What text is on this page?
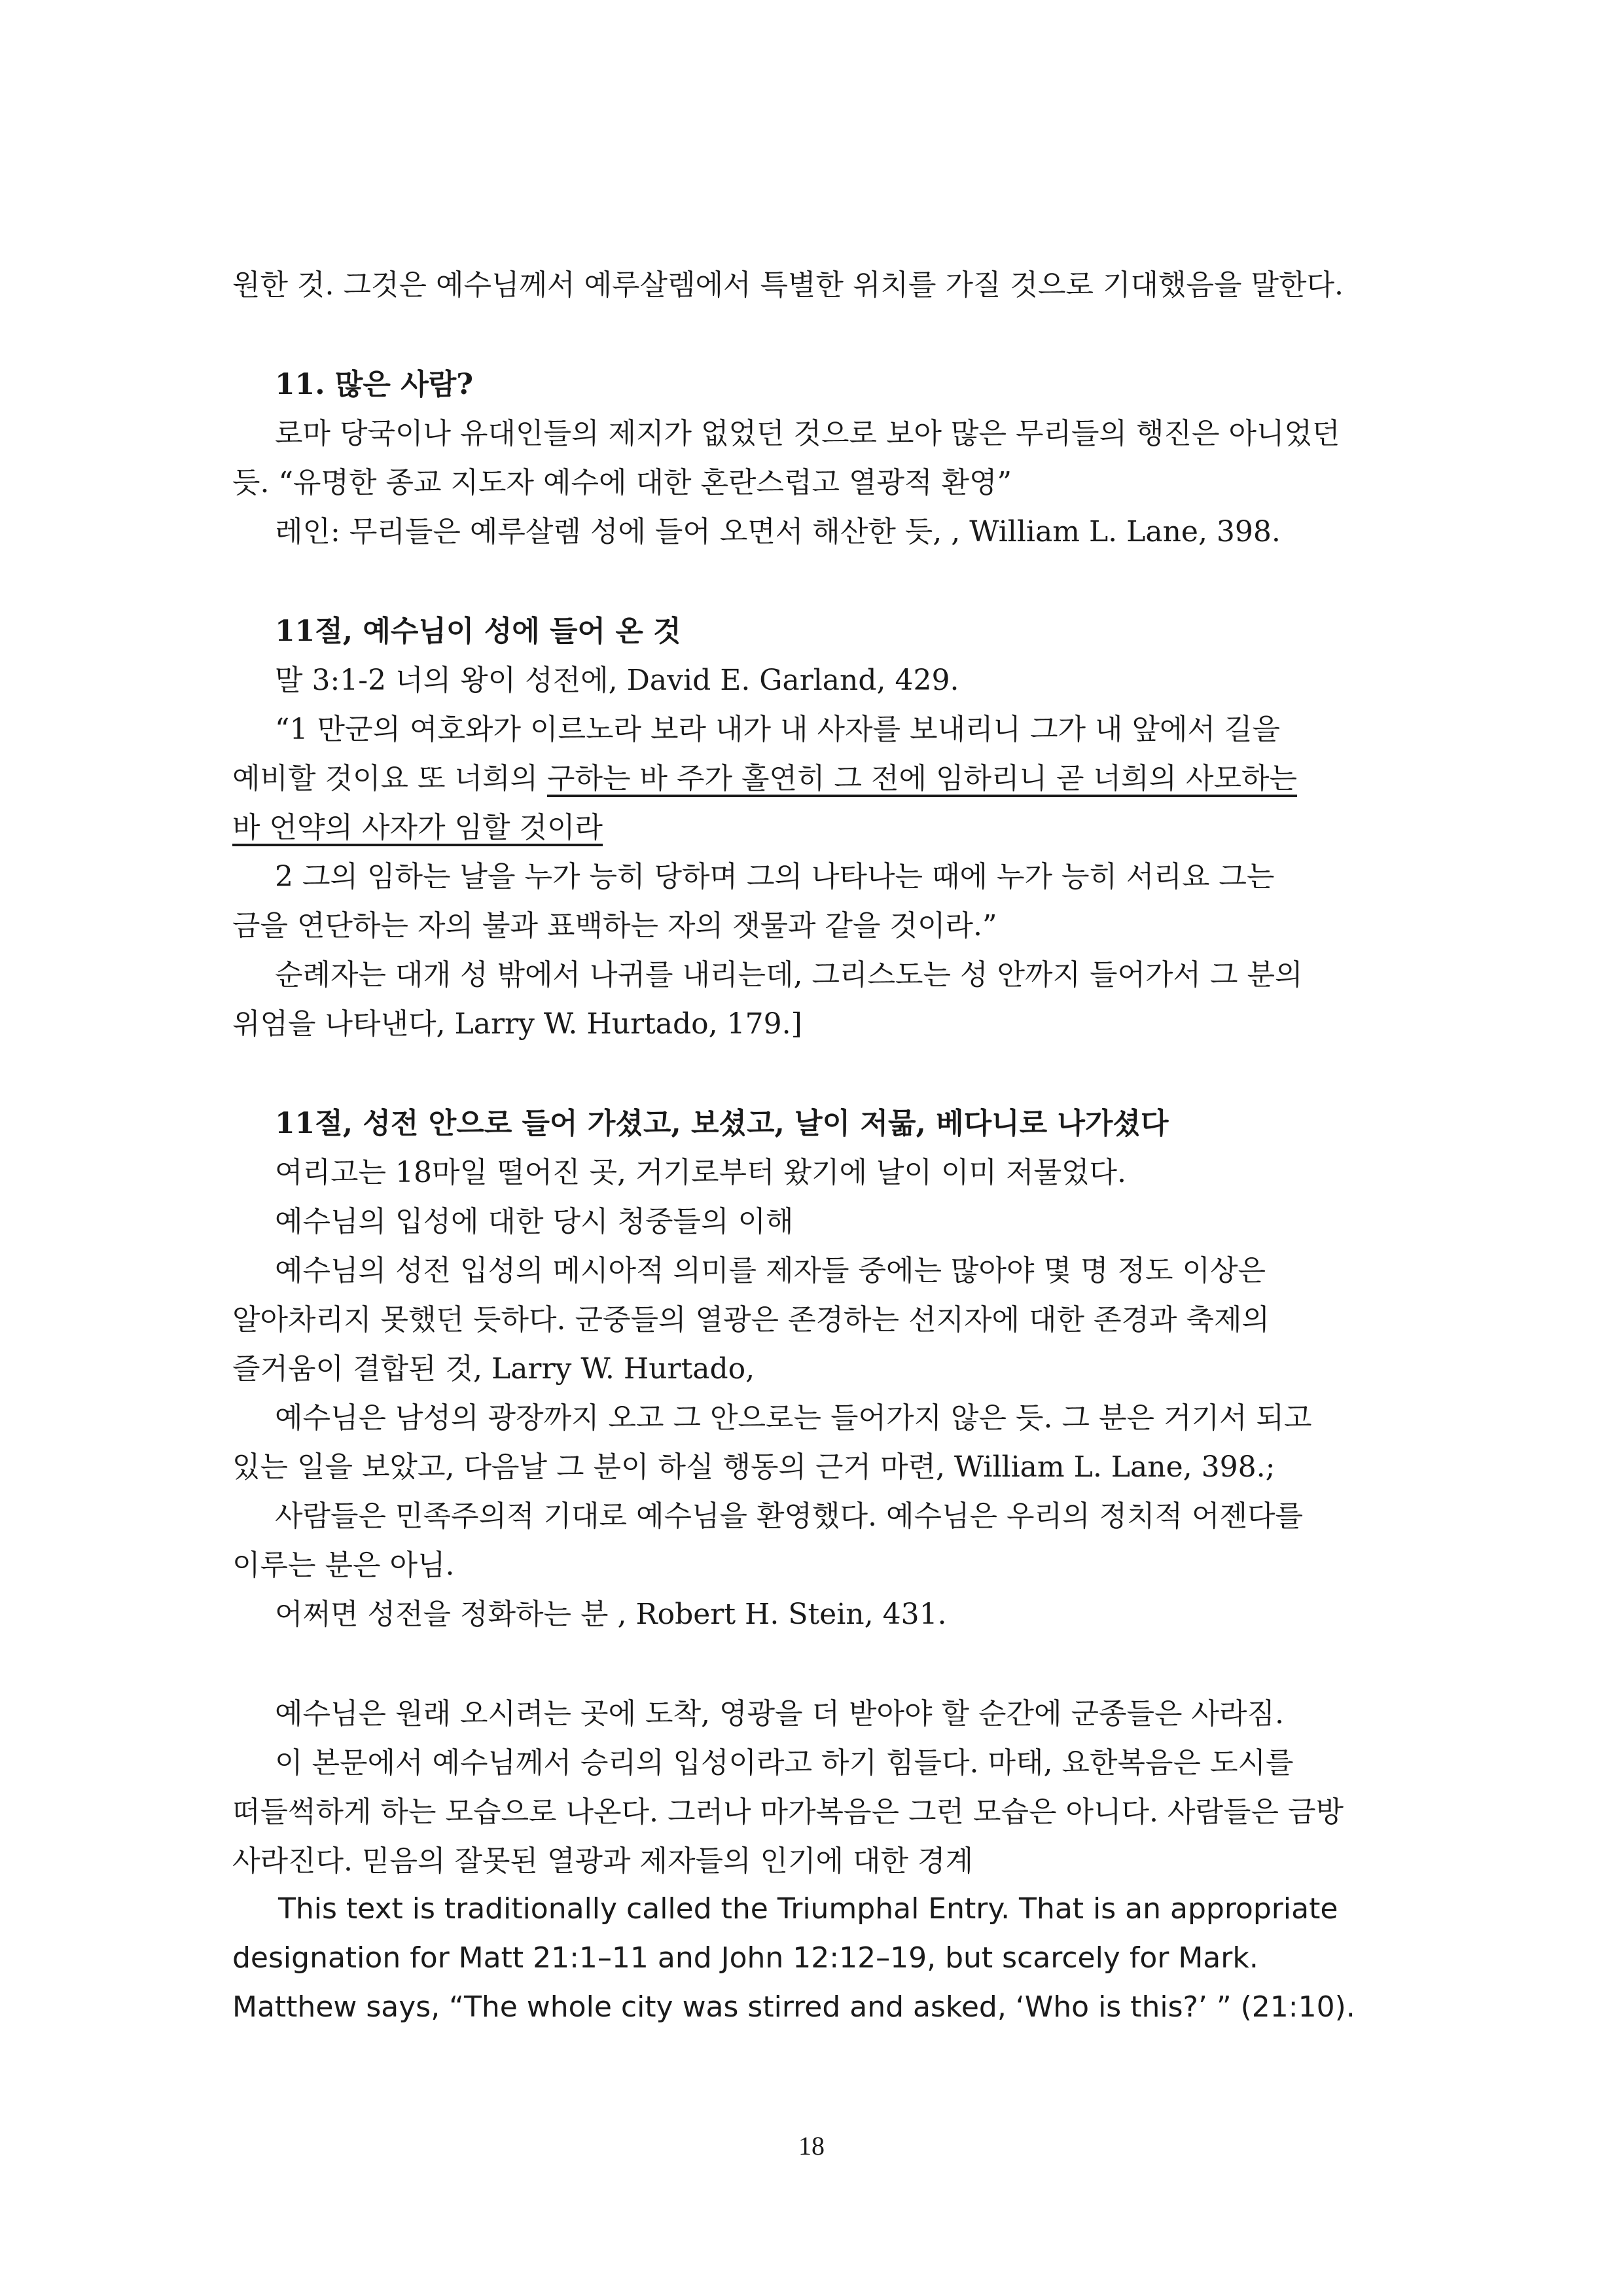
원한 것. 그것은 예수님께서 예루살렘에서 특별한 위치를 가질 것으로 기대했음을 말한다.
11. 많은 사람?
로마 당국이나 유대인들의 제지가 없었던 것으로 보아 많은 무리들의 행진은 아니었던
듯. “유명한 종교 지도자 예수에 대한 혼란스럽고 열광적 환영”
레인: 무리들은 예루살렘 성에 들어 오면서 해산한 듯, , William L. Lane, 398.
11절, 예수님이 성에 들어 온 것
말 3:1-2 너의 왕이 성전에, David E. Garland, 429.
“1 만군의 여호와가 이르노라 보라 내가 내 사자를 보내리니 그가 내 앞에서 길을
예비할 것이요 또 너희의 구하는 바 주가 홀연히 그 전에 임하리니 곧 너희의 사모하는
바 언약의 사자가 임할 것이라
2 그의 임하는 날을 누가 능히 당하며 그의 나타나는 때에 누가 능히 서리요 그는
금을 연단하는 자의 불과 표백하는 자의 잿물과 같을 것이라.”
순례자는 대개 성 밖에서 나귀를 내리는데, 그리스도는 성 안까지 들어가서 그 분의
위엄을 나타낸다, Larry W. Hurtado, 179.]
11절, 성전 안으로 들어 가셨고, 보셨고, 날이 저묾, 베다니로 나가셨다
여리고는 18마일 떨어진 곳, 거기로부터 왔기에 날이 이미 저물었다.
예수님의 입성에 대한 당시 청중들의 이해
예수님의 성전 입성의 메시아적 의미를 제자들 중에는 많아야 몇 명 정도 이상은
알아차리지 못했던 듯하다. 군중들의 열광은 존경하는 선지자에 대한 존경과 축제의
즐거움이 결합된 것, Larry W. Hurtado,
예수님은 남성의 광장까지 오고 그 안으로는 들어가지 않은 듯. 그 분은 거기서 되고
있는 일을 보았고, 다음날 그 분이 하실 행동의 근거 마련, William L. Lane, 398.;
사람들은 민족주의적 기대로 예수님을 환영했다. 예수님은 우리의 정치적 어젠다를
이루는 분은 아님.
어쩌면 성전을 정화하는 분 , Robert H. Stein, 431.
예수님은 원래 오시려는 곳에 도착, 영광을 더 받아야 할 순간에 군종들은 사라짐.
이 본문에서 예수님께서 승리의 입성이라고 하기 힘들다. 마태, 요한복음은 도시를
떠들썩하게 하는 모습으로 나온다. 그러나 마가복음은 그런 모습은 아니다. 사람들은 금방
사라진다. 믿음의 잘못된 열광과 제자들의 인기에 대한 경계
This text is traditionally called the Triumphal Entry. That is an appropriate
designation for Matt 21:1–11 and John 12:12–19, but scarcely for Mark.
Matthew says, “The whole city was stirred and asked, ‘Who is this?’ ” (21:10).
18
